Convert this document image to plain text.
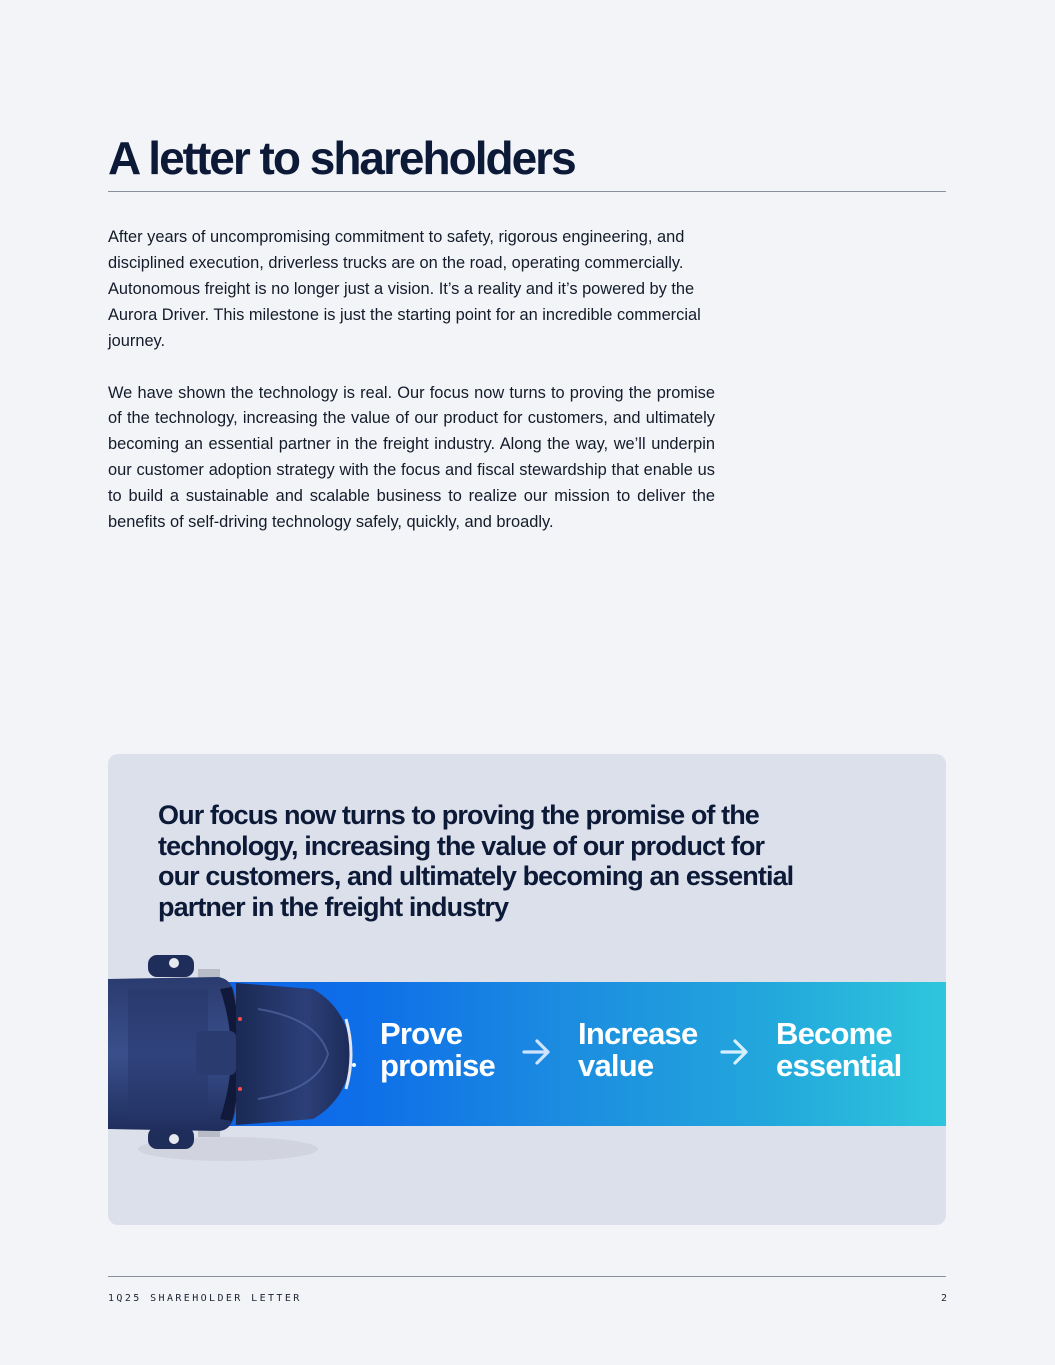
A letter to shareholders

After years of uncompromising commitment to safety, rigorous engineering, and disciplined execution, driverless trucks are on the road, operating commercially. Autonomous freight is no longer just a vision. It’s a reality and it’s powered by the Aurora Driver. This milestone is just the starting point for an incredible commercial journey.

We have shown the technology is real. Our focus now turns to proving the promise of the technology, increasing the value of our product for customers, and ultimately becoming an essential partner in the freight industry. Along the way, we’ll underpin our customer adoption strategy with the focus and fiscal stewardship that enable us to build a sustainable and scalable business to realize our mission to deliver the benefits of self-driving technology safely, quickly, and broadly.

Our focus now turns to proving the promise of the technology, increasing the value of our product for our customers, and ultimately becoming an essential partner in the freight industry

Prove
promise

Increase
value

Become
essential

1Q25 SHAREHOLDER LETTER	2
